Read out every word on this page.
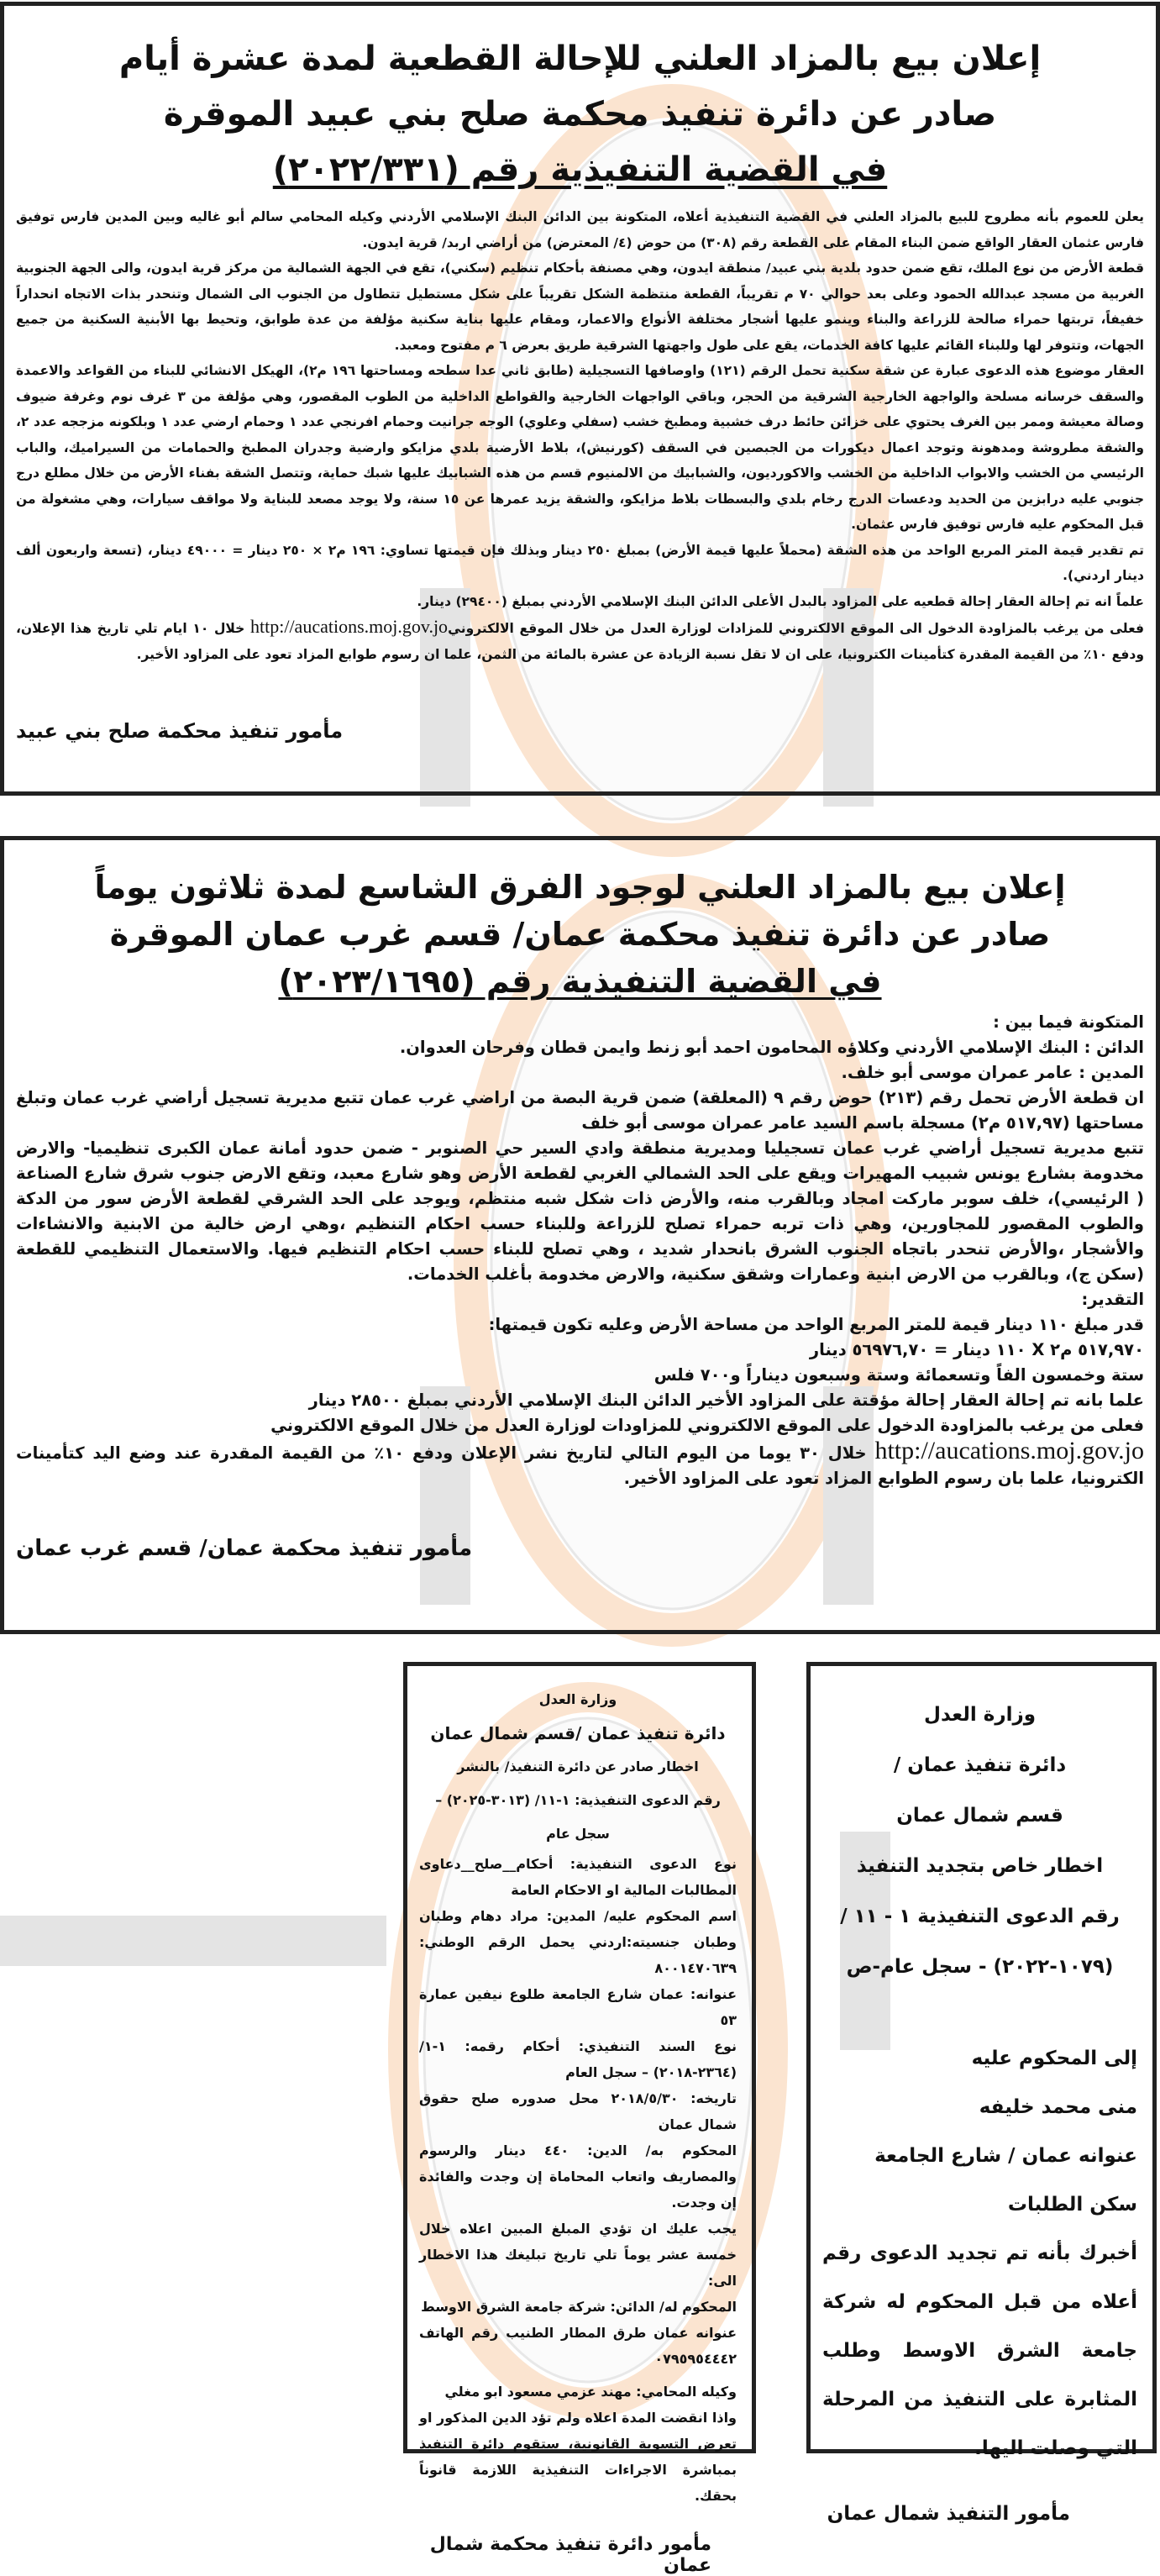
إعلان بيع بالمزاد العلني للإحالة القطعية لمدة عشرة أيام
صادر عن دائرة تنفيذ محكمة صلح بني عبيد الموقرة
في القضية التنفيذية رقم (٢٠٢٢/٣٣١)

يعلن للعموم بأنه مطروح للبيع بالمزاد العلني في القضية التنفيذية أعلاه، المتكونة بين الدائن البنك الإسلامي الأردني وكيله المحامي سالم أبو غاليه وبين المدين فارس توفيق فارس عثمان العقار الواقع ضمن البناء المقام على القطعة رقم (٣٠٨) من حوض (٤/ المعترض) من أراضي اربد/ قرية ايدون.

قطعة الأرض من نوع الملك، تقع ضمن حدود بلدية بني عبيد/ منطقة ايدون، وهي مصنفة بأحكام تنظيم (سكني)، تقع في الجهة الشمالية من مركز قرية ايدون، والى الجهة الجنوبية الغربية من مسجد عبدالله الحمود وعلى بعد حوالي ٧٠ م تقريباً، القطعة منتظمة الشكل تقريباً على شكل مستطيل تتطاول من الجنوب الى الشمال وتنحدر بذات الاتجاه انحداراً خفيفاً، تربتها حمراء صالحة للزراعة والبناء وينمو عليها أشجار مختلفة الأنواع والاعمار، ومقام عليها بناية سكنية مؤلفة من عدة طوابق، وتحيط بها الأبنية السكنية من جميع الجهات، وتتوفر لها وللبناء القائم عليها كافة الخدمات، يقع على طول واجهتها الشرقية طريق بعرض ٦ م مفتوح ومعبد.

العقار موضوع هذه الدعوى عبارة عن شقة سكنية تحمل الرقم (١٢١) واوصافها التسجيلية (طابق ثاني عدا سطحه ومساحتها ١٩٦ م٢)، الهيكل الانشائي للبناء من القواعد والاعمدة والسقف خرسانه مسلحة والواجهة الخارجية الشرقية من الحجر، وباقي الواجهات الخارجية والقواطع الداخلية من الطوب المقصور، وهي مؤلفة من ٣ غرف نوم وغرفة ضيوف وصالة معيشة وممر بين الغرف يحتوي على خزائن حائط درف خشبية ومطبخ خشب (سفلي وعلوي) الوجه جرانيت وحمام افرنجي عدد ١ وحمام ارضي عدد ١ وبلكونه مزججه عدد ٢، والشقة مطروشة ومدهونة وتوجد اعمال ديكورات من الجبصين في السقف (كورنيش)، بلاط الأرضية بلدي مزايكو وارضية وجدران المطبخ والحمامات من السيراميك، والباب الرئيسي من الخشب والابواب الداخلية من الخشب والاكورديون، والشبابيك من الالمنيوم قسم من هذه الشبابيك عليها شبك حماية، وتتصل الشقة بفناء الأرض من خلال مطلع درج جنوبي عليه درابزين من الحديد ودعسات الدرج رخام بلدي والبسطات بلاط مزايكو، والشقة يزيد عمرها عن ١٥ سنة، ولا يوجد مصعد للبناية ولا مواقف سيارات، وهي مشغولة من قبل المحكوم عليه فارس توفيق فارس عثمان.

تم تقدير قيمة المتر المربع الواحد من هذه الشقة (محملاً عليها قيمة الأرض) بمبلغ ٢٥٠ دينار وبذلك فإن قيمتها تساوي: ١٩٦ م٢ × ٢٥٠ دينار = ٤٩٠٠٠ دينار، (تسعة واربعون ألف دينار اردني).

علماً انه تم إحالة العقار إحالة قطعيه على المزاود بالبدل الأعلى الدائن البنك الإسلامي الأردني بمبلغ (٢٩٤٠٠) دينار.

فعلى من يرغب بالمزاودة الدخول الى الموقع الالكتروني للمزادات لوزارة العدل من خلال الموقع الالكترونيhttp://aucations.moj.gov.jo خلال ١٠ ايام تلي تاريخ هذا الإعلان، ودفع ١٠٪ من القيمة المقدرة كتأمينات الكترونيا، على ان لا تقل نسبة الزيادة عن عشرة بالمائة من الثمن، علما ان رسوم طوابع المزاد تعود على المزاود الأخير.

مأمور تنفيذ محكمة صلح بني عبيد
إعلان بيع بالمزاد العلني لوجود الفرق الشاسع لمدة ثلاثون يوماً
صادر عن دائرة تنفيذ محكمة عمان/ قسم غرب عمان الموقرة
في القضية التنفيذية رقم (٢٠٢٣/١٦٩٥)

المتكونة فيما بين :

الدائن : البنك الإسلامي الأردني وكلاؤه المحامون احمد أبو زنط وايمن قطان وفرحان العدوان.

المدين : عامر عمران موسى أبو خلف.

ان قطعة الأرض تحمل رقم (٢١٣) حوض رقم ٩ (المعلقة) ضمن قرية البصة من اراضي غرب عمان تتبع مديرية تسجيل أراضي غرب عمان وتبلغ مساحتها (٥١٧,٩٧ م٢) مسجلة باسم السيد عامر عمران موسى أبو خلف

تتبع مديرية تسجيل أراضي غرب عمان تسجيليا ومديرية منطقة وادي السير حي الصنوبر - ضمن حدود أمانة عمان الكبرى تنظيميا- والارض مخدومة بشارع يونس شبيب المهيرات ويقع على الحد الشمالي الغربي لقطعة الأرض وهو شارع معبد، وتقع الارض جنوب شرق شارع الصناعة ( الرئيسي)، خلف سوبر ماركت امجاد وبالقرب منه، والأرض ذات شكل شبه منتظم، ويوجد على الحد الشرقي لقطعة الأرض سور من الدكة والطوب المقصور للمجاورين، وهي ذات تربه حمراء تصلح للزراعة وللبناء حسب احكام التنظيم ،وهي ارض خالية من الابنية والانشاءات والأشجار ،والأرض تنحدر باتجاه الجنوب الشرق بانحدار شديد ، وهي تصلح للبناء حسب احكام التنظيم فيها. والاستعمال التنظيمي للقطعة (سكن ج)، وبالقرب من الارض ابنية وعمارات وشقق سكنية، والارض مخدومة بأغلب الخدمات.

التقدير:

قدر مبلغ ١١٠ دينار قيمة للمتر المربع الواحد من مساحة الأرض وعليه تكون قيمتها:

٥١٧,٩٧٠ م٢ X ١١٠ دينار = ٥٦٩٧٦,٧٠ دينار

ستة وخمسون الفاً وتسعمائة وستة وسبعون ديناراً و٧٠٠ فلس

علما بانه تم إحالة العقار إحالة مؤقتة على المزاود الأخير الدائن البنك الإسلامي الأردني بمبلغ ٢٨٥٠٠ دينار

فعلى من يرغب بالمزاودة الدخول على الموقع الالكتروني للمزاودات لوزارة العدل من خلال الموقع الالكتروني

http://aucations.moj.gov.jo خلال ٣٠ يوما من اليوم التالي لتاريخ نشر الإعلان ودفع ١٠٪ من القيمة المقدرة عند وضع اليد كتأمينات الكترونيا، علما بان رسوم الطوابع المزاد تعود على المزاود الأخير.

مأمور تنفيذ محكمة عمان/ قسم غرب عمان
وزارة العدل
دائرة تنفيذ عمان /قسم شمال عمان
اخطار صادر عن دائرة التنفيذ/ بالنشر
رقم الدعوى التنفيذية: ١-١١/ (٣٠١٣-٢٠٢٥) –
سجل عام

نوع الدعوى التنفيذية: أحكام__صلح__دعاوى المطالبات المالية او الاحكام العامة

اسم المحكوم عليه/ المدين: مراد دهام وطبان وطبان جنسيته:اردني يحمل الرقم الوطني: ٨٠٠١٤٧٠٦٣٩

عنوانه: عمان شارع الجامعة طلوع نيفين عمارة ٥٣

نوع السند التنفيذي: أحكام رقمه: ١-١/ (٢٣٦٤-٢٠١٨) – سجل العام

تاريخه: ٢٠١٨/٥/٣٠ محل صدوره صلح حقوق شمال عمان

المحكوم به/ الدين: ٤٤٠ دينار والرسوم والمصاريف واتعاب المحاماة إن وجدت والفائدة إن وجدت.

يجب عليك ان تؤدي المبلغ المبين اعلاه خلال خمسة عشر يوماً تلي تاريخ تبليغك هذا الاخطار الى:

المحكوم له/ الدائن: شركة جامعة الشرق الاوسط

عنوانه عمان طرق المطار الطنيب رقم الهاتف ٠٧٩٥٩٥٤٤٤٢

وكيله المحامي: مهند عزمي مسعود ابو مغلي

واذا انقضت المدة اعلاه ولم تؤد الدين المذكور او تعرض التسوية القانونية، ستقوم دائرة التنفيذ بمباشرة الاجراءات التنفيذية اللازمة قانوناً بحقك.

مأمور دائرة تنفيذ محكمة شمال عمان
وزارة العدل
دائرة تنفيذ عمان /
قسم شمال عمان
اخطار خاص بتجديد التنفيذ
رقم الدعوى التنفيذية ١ - ١١ /
(١٠٧٩-٢٠٢٢) - سجل عام-ص

إلى المحكوم عليه

منى محمد خليفه

عنوانه عمان / شارع الجامعة

سكن الطلبات

أخبرك بأنه تم تجديد الدعوى رقم أعلاه من قبل المحكوم له شركة جامعة الشرق الاوسط وطلب المثابرة على التنفيذ من المرحلة التي وصلت اليها.

مأمور التنفيذ شمال عمان
